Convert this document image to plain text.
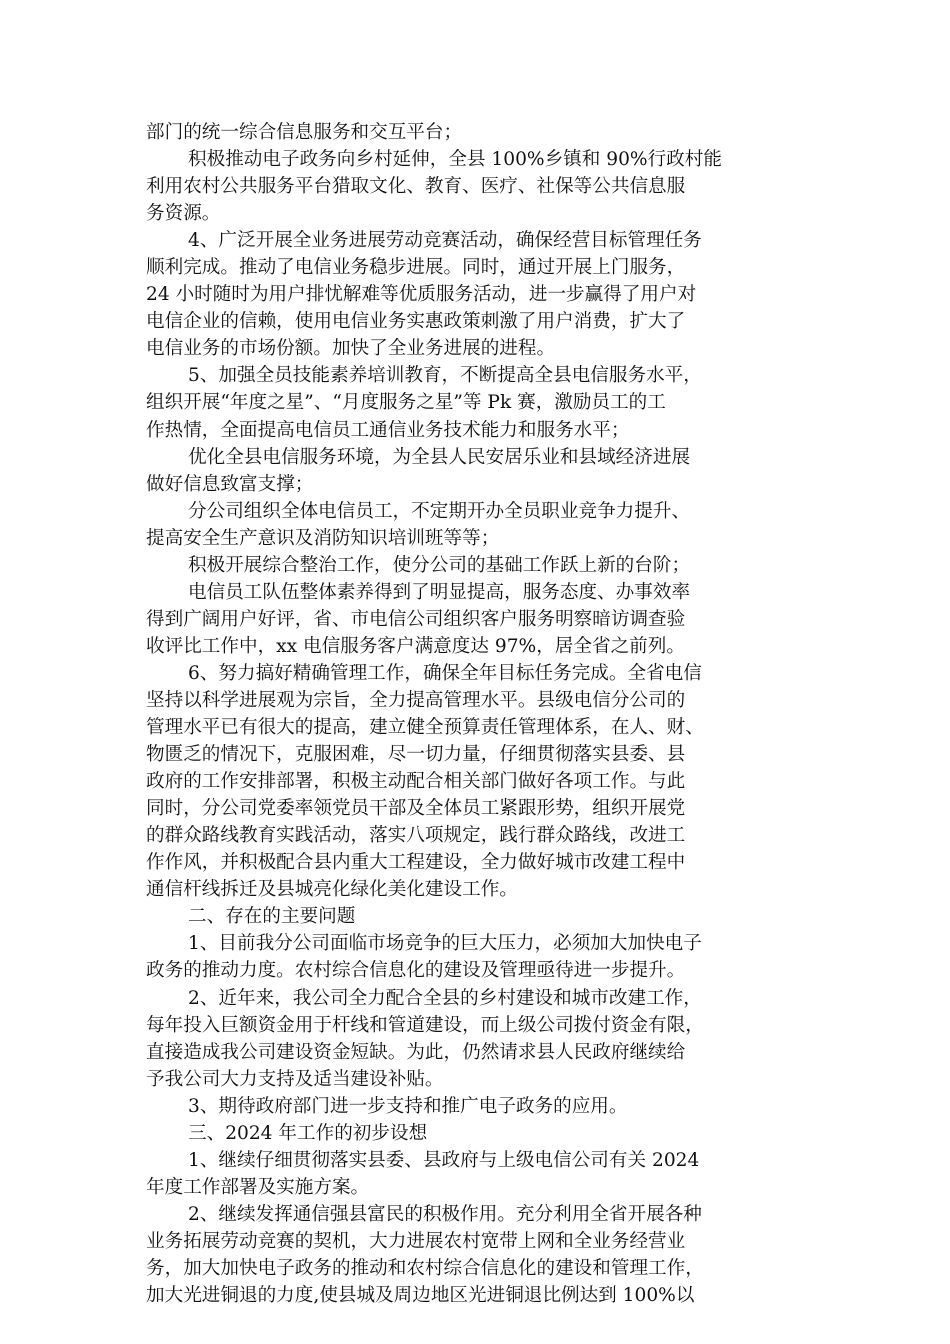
部门的统一综合信息服务和交互平台；

积极推动电子政务向乡村延伸，全县 100%乡镇和 90%行政村能

利用农村公共服务平台猎取文化、教育、医疗、社保等公共信息服

务资源。

4、广泛开展全业务进展劳动竞赛活动，确保经营目标管理任务

顺利完成。推动了电信业务稳步进展。同时，通过开展上门服务，

24 小时随时为用户排忧解难等优质服务活动，进一步赢得了用户对

电信企业的信赖，使用电信业务实惠政策刺激了用户消费，扩大了

电信业务的市场份额。加快了全业务进展的进程。

5、加强全员技能素养培训教育，不断提高全县电信服务水平，

组织开展“年度之星”、“月度服务之星”等 Pk 赛，激励员工的工

作热情，全面提高电信员工通信业务技术能力和服务水平；

优化全县电信服务环境，为全县人民安居乐业和县域经济进展

做好信息致富支撑；

分公司组织全体电信员工，不定期开办全员职业竞争力提升、

提高安全生产意识及消防知识培训班等等；

积极开展综合整治工作，使分公司的基础工作跃上新的台阶；

电信员工队伍整体素养得到了明显提高，服务态度、办事效率

得到广阔用户好评，省、市电信公司组织客户服务明察暗访调查验

收评比工作中，xx 电信服务客户满意度达 97%，居全省之前列。

6、努力搞好精确管理工作，确保全年目标任务完成。全省电信

坚持以科学进展观为宗旨，全力提高管理水平。县级电信分公司的

管理水平已有很大的提高，建立健全预算责任管理体系，在人、财、

物匮乏的情况下，克服困难，尽一切力量，仔细贯彻落实县委、县

政府的工作安排部署，积极主动配合相关部门做好各项工作。与此

同时，分公司党委率领党员干部及全体员工紧跟形势，组织开展党

的群众路线教育实践活动，落实八项规定，践行群众路线，改进工

作作风，并积极配合县内重大工程建设，全力做好城市改建工程中

通信杆线拆迁及县城亮化绿化美化建设工作。

二、存在的主要问题

1、目前我分公司面临市场竞争的巨大压力，必须加大加快电子

政务的推动力度。农村综合信息化的建设及管理亟待进一步提升。

2、近年来，我公司全力配合全县的乡村建设和城市改建工作，

每年投入巨额资金用于杆线和管道建设，而上级公司拨付资金有限，

直接造成我公司建设资金短缺。为此，仍然请求县人民政府继续给

予我公司大力支持及适当建设补贴。

3、期待政府部门进一步支持和推广电子政务的应用。

三、2024 年工作的初步设想

1、继续仔细贯彻落实县委、县政府与上级电信公司有关 2024

年度工作部署及实施方案。

2、继续发挥通信强县富民的积极作用。充分利用全省开展各种

业务拓展劳动竞赛的契机，大力进展农村宽带上网和全业务经营业

务，加大加快电子政务的推动和农村综合信息化的建设和管理工作，

加大光进铜退的力度,使县城及周边地区光进铜退比例达到 100%以
